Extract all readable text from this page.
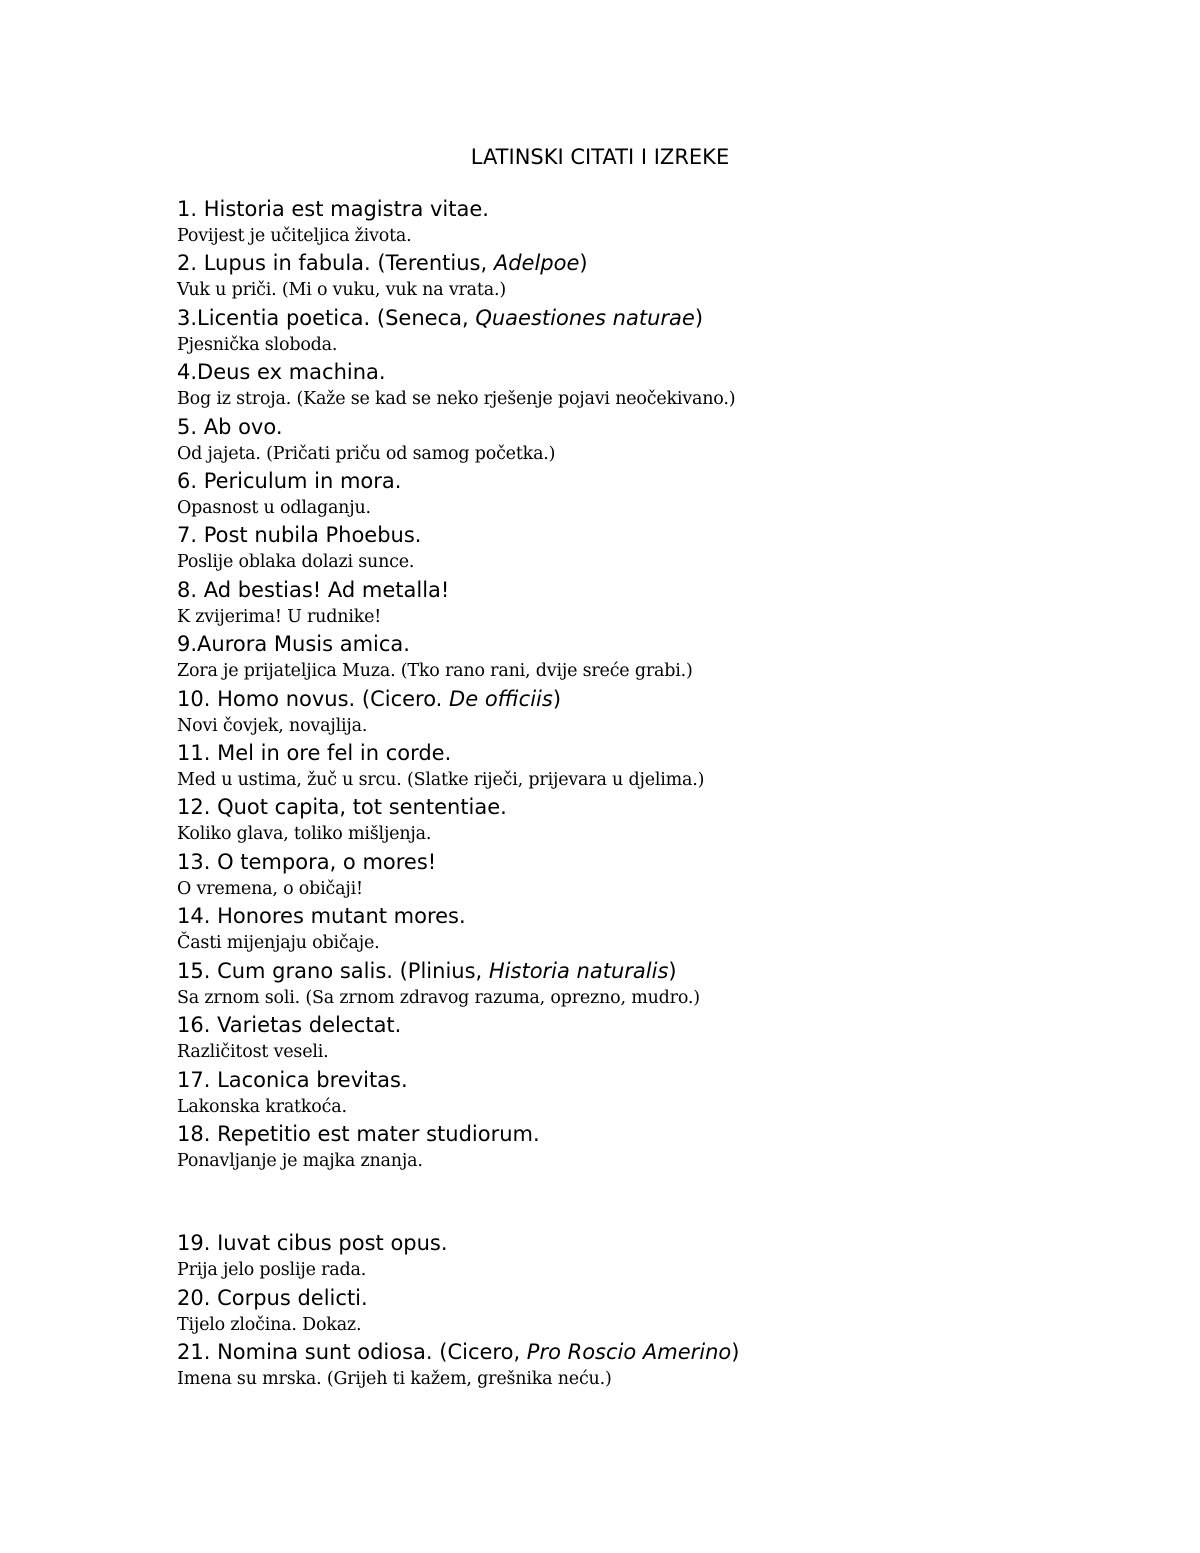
LATINSKI CITATI I IZREKE
1. Historia est magistra vitae.
Povijest je učiteljica života.
2. Lupus in fabula. (Terentius, Adelpoe)
Vuk u priči. (Mi o vuku, vuk na vrata.)
3.Licentia poetica. (Seneca, Quaestiones naturae)
Pjesnička sloboda.
4.Deus ex machina.
Bog iz stroja. (Kaže se kad se neko rješenje pojavi neočekivano.)
5. Ab ovo.
Od jajeta. (Pričati priču od samog početka.)
6. Periculum in mora.
Opasnost u odlaganju.
7. Post nubila Phoebus.
Poslije oblaka dolazi sunce.
8. Ad bestias! Ad metalla!
K zvijerima! U rudnike!
9.Aurora Musis amica.
Zora je prijateljica Muza. (Tko rano rani, dvije sreće grabi.)
10. Homo novus. (Cicero. De officiis)
Novi čovjek, novajlija.
11. Mel in ore fel in corde.
Med u ustima, žuč u srcu. (Slatke riječi, prijevara u djelima.)
12. Quot capita, tot sententiae.
Koliko glava, toliko mišljenja.
13. O tempora, o mores!
O vremena, o običaji!
14. Honores mutant mores.
Časti mijenjaju običaje.
15. Cum grano salis. (Plinius, Historia naturalis)
Sa zrnom soli. (Sa zrnom zdravog razuma, oprezno, mudro.)
16. Varietas delectat.
Različitost veseli.
17. Laconica brevitas.
Lakonska kratkoća.
18. Repetitio est mater studiorum.
Ponavljanje je majka znanja.
19. Iuvat cibus post opus.
Prija jelo poslije rada.
20. Corpus delicti.
Tijelo zločina. Dokaz.
21. Nomina sunt odiosa. (Cicero, Pro Roscio Amerino)
Imena su mrska. (Grijeh ti kažem, grešnika neću.)
